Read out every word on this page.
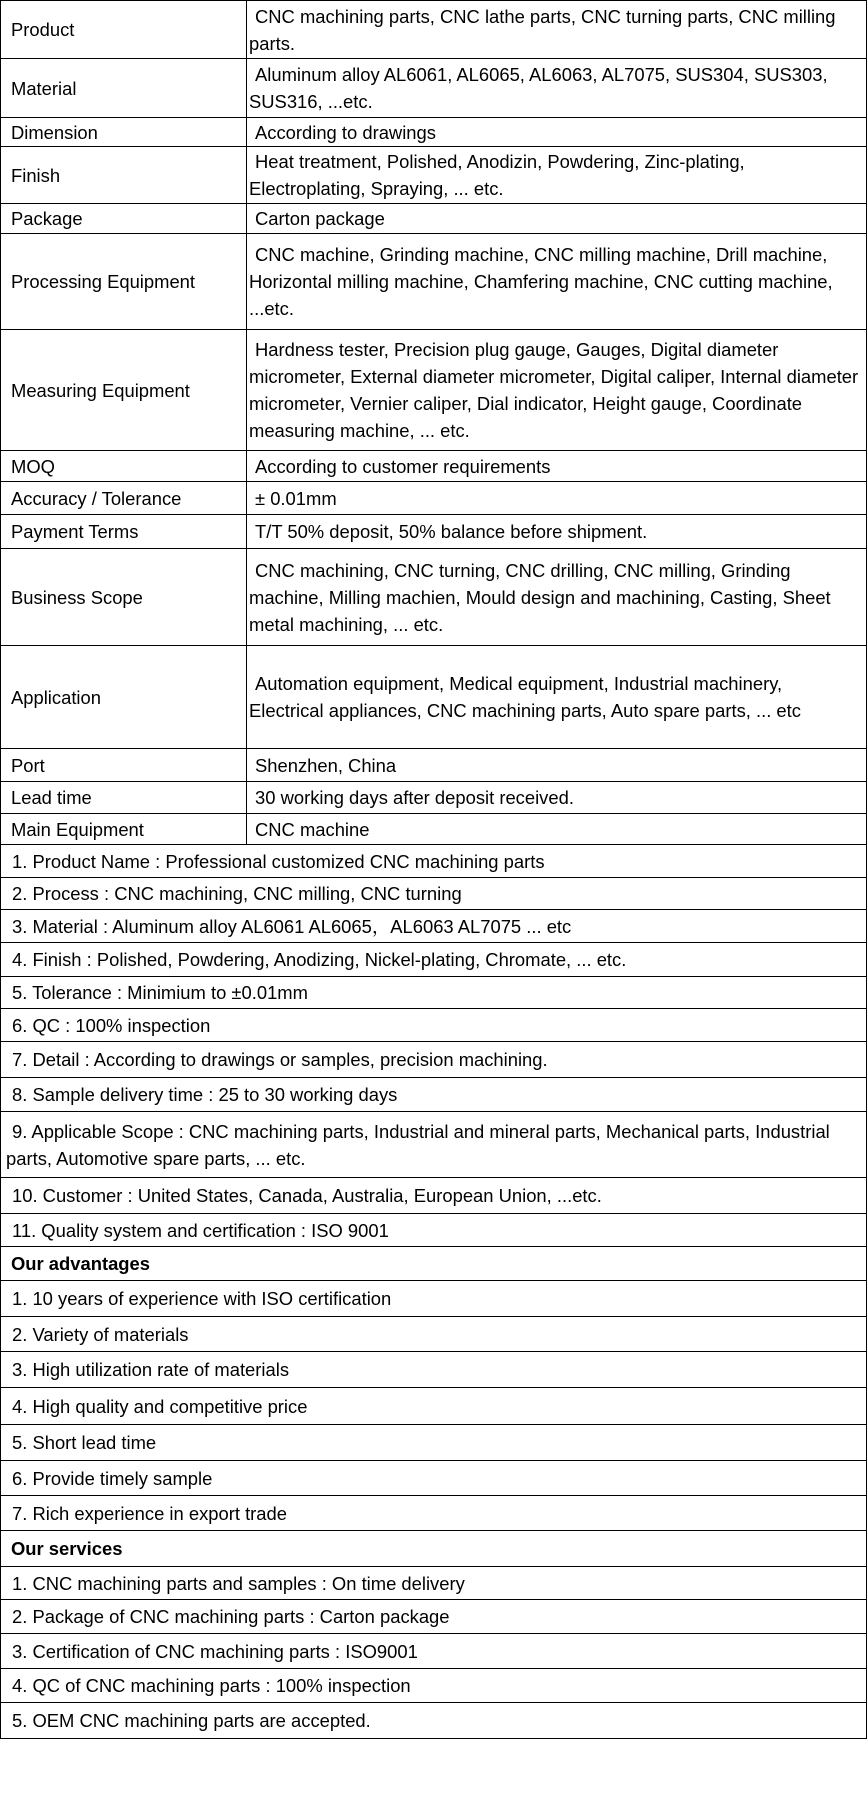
Product	CNC machining parts, CNC lathe parts, CNC turning parts, CNC milling parts.
Material	Aluminum alloy AL6061, AL6065, AL6063, AL7075, SUS304, SUS303, SUS316, ...etc.
Dimension	According to drawings
Finish	Heat treatment, Polished, Anodizin, Powdering, Zinc-plating, Electroplating, Spraying, ... etc.
Package	Carton package
Processing Equipment	CNC machine, Grinding machine, CNC milling machine, Drill machine, Horizontal milling machine, Chamfering machine, CNC cutting machine, ...etc.
Measuring Equipment	Hardness tester, Precision plug gauge, Gauges, Digital diameter micrometer, External diameter micrometer, Digital caliper, Internal diameter micrometer, Vernier caliper, Dial indicator, Height gauge, Coordinate measuring machine, ... etc.
MOQ	According to customer requirements
Accuracy / Tolerance	± 0.01mm
Payment Terms	T/T 50% deposit, 50% balance before shipment.
Business Scope	CNC machining, CNC turning, CNC drilling, CNC milling, Grinding machine, Milling machien, Mould design and machining, Casting, Sheet metal machining, ... etc.
Application	Automation equipment, Medical equipment, Industrial machinery, Electrical appliances, CNC machining parts, Auto spare parts, ... etc
Port	Shenzhen, China
Lead time	30 working days after deposit received.
Main Equipment	CNC machine
1. Product Name : Professional customized CNC machining parts	
2. Process : CNC machining, CNC milling, CNC turning	
3. Material : Aluminum alloy AL6061 AL6065，AL6063 AL7075 ... etc	
4. Finish : Polished, Powdering, Anodizing, Nickel-plating, Chromate, ... etc.	
5. Tolerance : Minimium to ±0.01mm	
6. QC : 100% inspection	
7. Detail : According to drawings or samples, precision machining.	
8. Sample delivery time : 25 to 30 working days	
9. Applicable Scope : CNC machining parts, Industrial and mineral parts, Mechanical parts, Industrial parts, Automotive spare parts, ... etc.	
10. Customer : United States, Canada, Australia, European Union, ...etc.	
11. Quality system and certification : ISO 9001	
Our advantages	
1. 10 years of experience with ISO certification	
2. Variety of materials	
3. High utilization rate of materials	
4. High quality and competitive price	
5. Short lead time	
6. Provide timely sample	
7. Rich experience in export trade	
Our services	
1. CNC machining parts and samples : On time delivery	
2. Package of CNC machining parts : Carton package	
3. Certification of CNC machining parts : ISO9001	
4. QC of CNC machining parts : 100% inspection	
5. OEM CNC machining parts are accepted.	
